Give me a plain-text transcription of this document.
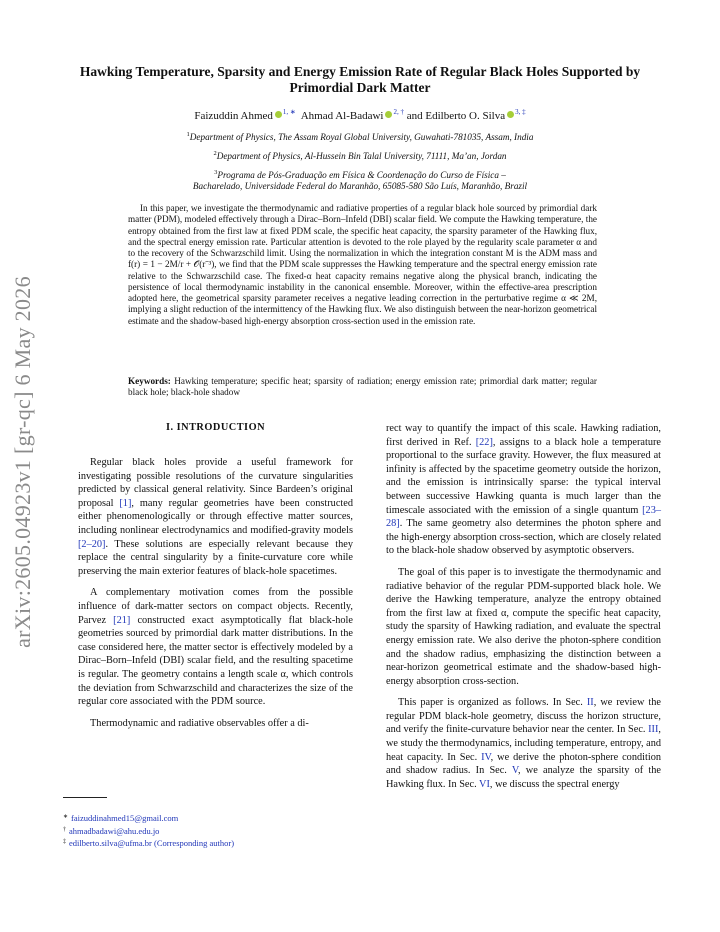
arXiv:2605.04923v1 [gr-qc] 6 May 2026
Hawking Temperature, Sparsity and Energy Emission Rate of Regular Black Holes Supported by Primordial Dark Matter
Faizuddin Ahmed $^{1, ∗}$ Ahmad Al-Badawi $^{2, \dagger}$ and Edilberto O. Silva $^{3, \ddagger}$
$^1$Department of Physics, The Assam Royal Global University, Guwahati-781035, Assam, India
$^2$Department of Physics, Al-Hussein Bin Talal University, 71111, Ma’an, Jordan
$^3$Programa de Pós-Graduação em Física & Coordenação do Curso de Física –
Bacharelado, Universidade Federal do Maranhão, 65085-580 São Luís, Maranhão, Brazil
In this paper, we investigate the thermodynamic and radiative properties of a regular black hole sourced by primordial dark matter (PDM), modeled effectively through a Dirac–Born–Infeld (DBI) scalar field. We compute the Hawking temperature, the entropy obtained from the first law at fixed PDM scale, the specific heat capacity, the sparsity parameter of the Hawking flux, and the spectral energy emission rate. Particular attention is devoted to the role played by the regularity scale parameter α and to the recovery of the Schwarzschild limit. Using the normalization in which the integration constant M is the ADM mass and f(r) = 1 − 2M/r + 𝒪(r⁻³), we find that the PDM scale suppresses the Hawking temperature and the spectral energy emission rate relative to the Schwarzschild case. The fixed-α heat capacity remains negative along the physical branch, indicating the persistence of local thermodynamic instability in the canonical ensemble. Moreover, within the effective-area prescription adopted here, the geometrical sparsity parameter receives a negative leading correction in the perturbative regime α ≪ 2M, implying a slight reduction of the intermittency of the Hawking flux. We also distinguish between the near-horizon geometrical estimate and the shadow-based high-energy absorption cross-section used in the emission rate.
Keywords: Hawking temperature; specific heat; sparsity of radiation; energy emission rate; primordial dark matter; regular black hole; black-hole shadow
I. INTRODUCTION

Regular black holes provide a useful framework for investigating possible resolutions of the curvature singularities predicted by classical general relativity. Since Bardeen’s original proposal [1], many regular geometries have been constructed either phenomenologically or through effective matter sources, including nonlinear electrodynamics and modified-gravity models [2–20]. These solutions are especially relevant because they replace the central singularity by a finite-curvature core while preserving the main exterior features of black-hole spacetimes.

A complementary motivation comes from the possible influence of dark-matter sectors on compact objects. Recently, Parvez [21] constructed exact asymptotically flat black-hole geometries sourced by primordial dark matter distributions. In the case considered here, the matter sector is effectively modeled by a Dirac–Born–Infeld (DBI) scalar field, and the resulting spacetime is regular. The geometry contains a length scale α, which controls the deviation from Schwarzschild and characterizes the size of the regular core associated with the PDM source.

Thermodynamic and radiative observables offer a di-

rect way to quantify the impact of this scale. Hawking radiation, first derived in Ref. [22], assigns to a black hole a temperature proportional to the surface gravity. However, the flux measured at infinity is affected by the spacetime geometry outside the horizon, and the emission is intrinsically sparse: the typical interval between successive Hawking quanta is much larger than the timescale associated with the emission of a single quantum [23–28]. The same geometry also determines the photon sphere and the high-energy absorption cross-section, which are closely related to the black-hole shadow observed by asymptotic observers.

The goal of this paper is to investigate the thermodynamic and radiative behavior of the regular PDM-supported black hole. We derive the Hawking temperature, analyze the entropy obtained from the first law at fixed α, compute the specific heat capacity, study the sparsity of Hawking radiation, and evaluate the spectral energy emission rate. We also derive the photon-sphere condition and the shadow radius, emphasizing the distinction between a near-horizon geometrical estimate and the shadow-based high-energy absorption cross-section.

This paper is organized as follows. In Sec. II, we review the regular PDM black-hole geometry, discuss the horizon structure, and verify the finite-curvature behavior near the center. In Sec. III, we study the thermodynamics, including temperature, entropy, and heat capacity. In Sec. IV, we derive the photon-sphere condition and shadow radius. In Sec. V, we analyze the sparsity of the Hawking flux. In Sec. VI, we discuss the spectral energy

∗ faizuddinahmed15@gmail.com
† ahmadbadawi@ahu.edu.jo
‡ edilberto.silva@ufma.br (Corresponding author)
